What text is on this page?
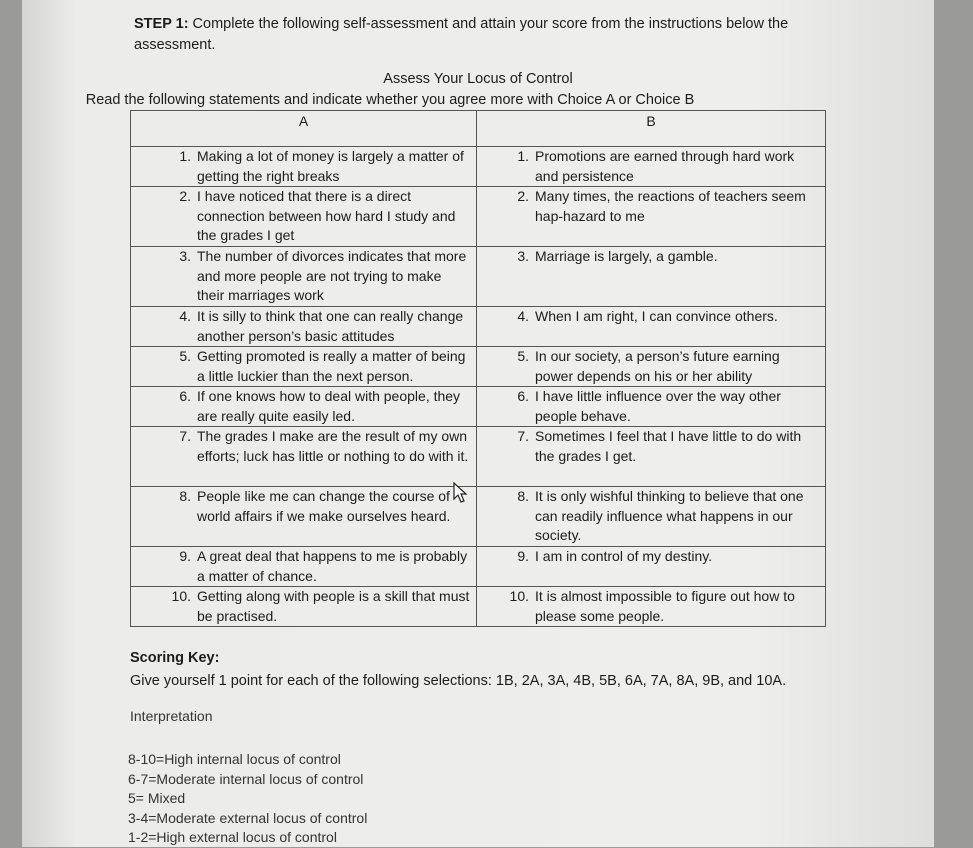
STEP 1: Complete the following self-assessment and attain your score from the instructions below the assessment.
Assess Your Locus of Control
Read the following statements and indicate whether you agree more with Choice A or Choice B
A	B

1. Making a lot of money is largely a matter of getting the right breaks	1. Promotions are earned through hard work and persistence

2. I have noticed that there is a direct connection between how hard I study and the grades I get	2. Many times, the reactions of teachers seem hap-hazard to me

3. The number of divorces indicates that more and more people are not trying to make their marriages work	3. Marriage is largely, a gamble.

4. It is silly to think that one can really change another person’s basic attitudes	4. When I am right, I can convince others.

5. Getting promoted is really a matter of being a little luckier than the next person.	5. In our society, a person’s future earning power depends on his or her ability

6. If one knows how to deal with people, they are really quite easily led.	6. I have little influence over the way other people behave.

7. The grades I make are the result of my own efforts; luck has little or nothing to do with it.	7. Sometimes I feel that I have little to do with the grades I get.

8. People like me can change the course of world affairs if we make ourselves heard.	8. It is only wishful thinking to believe that one can readily influence what happens in our society.

9. A great deal that happens to me is probably a matter of chance.	9. I am in control of my destiny.

10. Getting along with people is a skill that must be practised.	10. It is almost impossible to figure out how to please some people.
Scoring Key:
Give yourself 1 point for each of the following selections: 1B, 2A, 3A, 4B, 5B, 6A, 7A, 8A, 9B, and 10A.
Interpretation
8-10=High internal locus of control
6-7=Moderate internal locus of control
5= Mixed
3-4=Moderate external locus of control
1-2=High external locus of control
